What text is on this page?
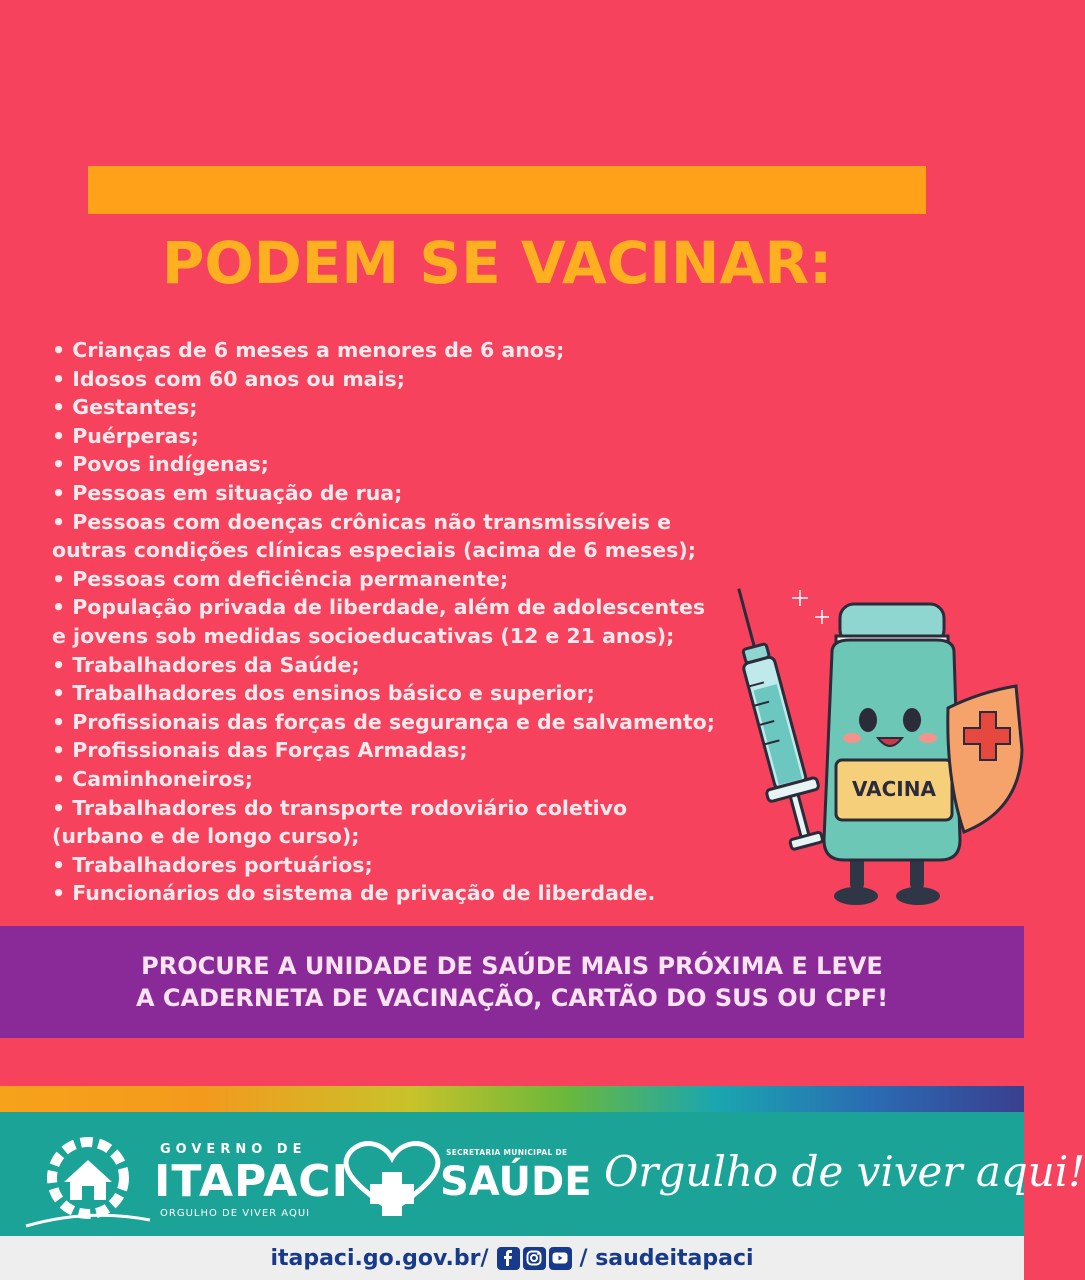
PODEM SE VACINAR:
• Crianças de 6 meses a menores de 6 anos;
• Idosos com 60 anos ou mais;
• Gestantes;
• Puérperas;
• Povos indígenas;
• Pessoas em situação de rua;
• Pessoas com doenças crônicas não transmissíveis e
outras condições clínicas especiais (acima de 6 meses);
• Pessoas com deficiência permanente;
• População privada de liberdade, além de adolescentes
e jovens sob medidas socioeducativas (12 e 21 anos);
• Trabalhadores da Saúde;
• Trabalhadores dos ensinos básico e superior;
• Profissionais das forças de segurança e de salvamento;
• Profissionais das Forças Armadas;
• Caminhoneiros;
• Trabalhadores do transporte rodoviário coletivo
(urbano e de longo curso);
• Trabalhadores portuários;
• Funcionários do sistema de privação de liberdade.
VACINA
PROCURE A UNIDADE DE SAÚDE MAIS PRÓXIMA E LEVE
A CADERNETA DE VACINAÇÃO, CARTÃO DO SUS OU CPF!
GOVERNO DE
ITAPACI
ORGULHO DE VIVER AQUI
SECRETARIA MUNICIPAL DE
SAÚDE Orgulho de viver aqui!
itapaci.go.gov.br/	/ saudeitapaci
